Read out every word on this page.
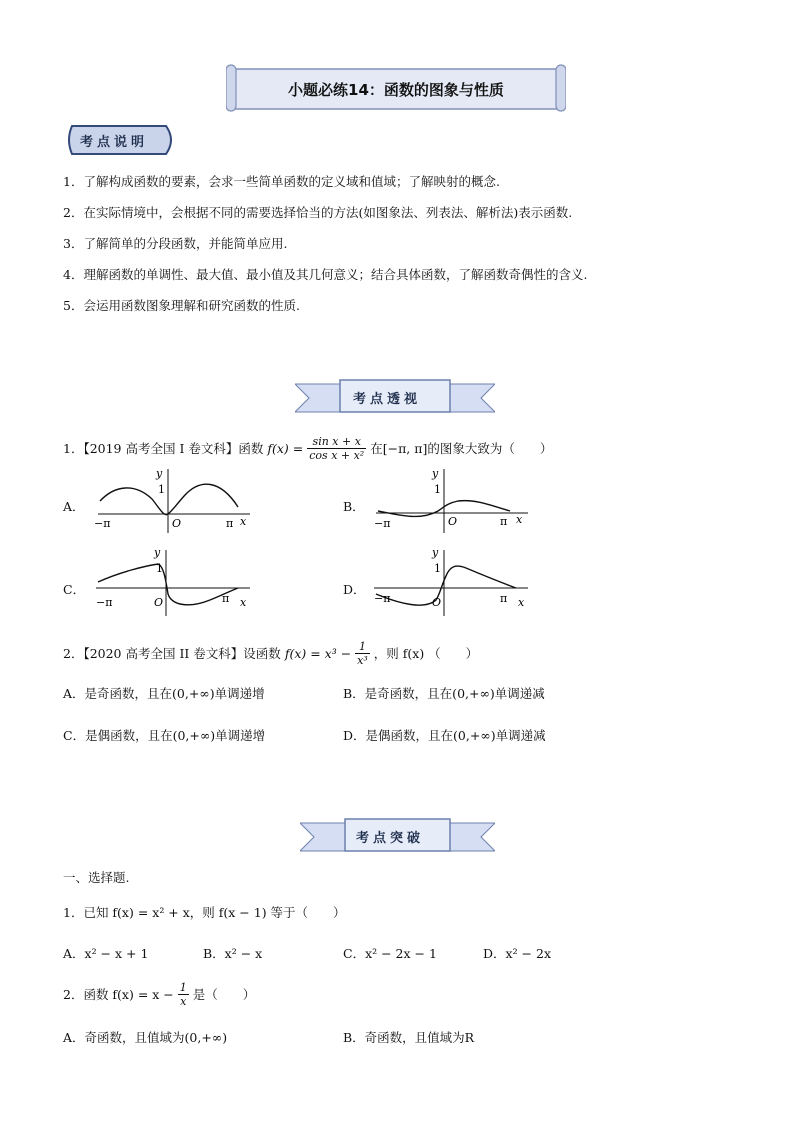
小题必练14：函数的图象与性质
考点说明
1．了解构成函数的要素，会求一些简单函数的定义域和值域；了解映射的概念.
2．在实际情境中，会根据不同的需要选择恰当的方法(如图象法、列表法、解析法)表示函数.
3．了解简单的分段函数，并能简单应用.
4．理解函数的单调性、最大值、最小值及其几何意义；结合具体函数，了解函数奇偶性的含义.
5．会运用函数图象理解和研究函数的性质.
考点透视
1．【2019 高考全国 I 卷文科】函数 $f(x) = \frac{\text{sin x + x}}{\text{cos x + x²}}$ 在[−π, π]的图象大致为（　　）
A．	B．
C．	D．
−π	π
O	x
y
1
−π	π
O	x
y
1
−π	π
O	x
y
1
−π	π
O	x
y
1
2．【2020 高考全国 II 卷文科】设函数 $f(x) = x^3 - \frac{1}{\text{x³}}$ ，则 f(x) （　　）
A．是奇函数，且在(0,+∞)单调递增	B．是奇函数，且在(0,+∞)单调递减
C．是偶函数，且在(0,+∞)单调递增	D．是偶函数，且在(0,+∞)单调递减
考点突破
一、选择题.
1．已知 f(x) = x² + x，则 f(x − 1) 等于（　　）
A．x² − x + 1	B．x² − x	C．x² − 2x − 1	D．x² − 2x
2．函数 $f(x) = x - \frac{1}{x}$ 是（　　）
A．奇函数，且值域为(0,+∞)	B．奇函数，且值域为R
